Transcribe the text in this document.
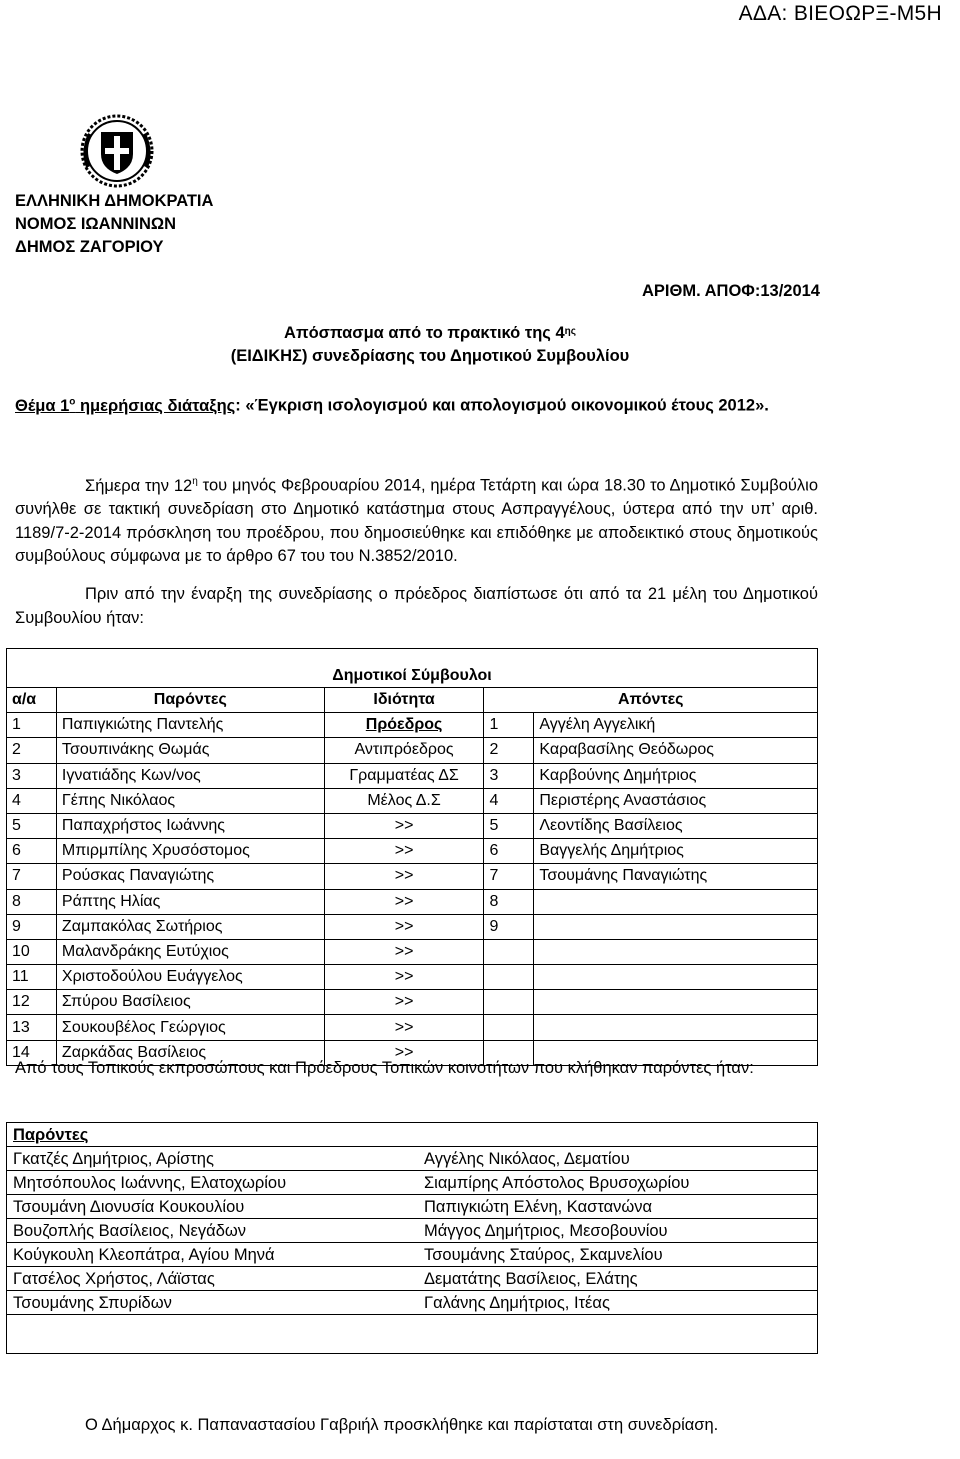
ΑΔΑ: ΒΙΕΟΩΡΞ-Μ5Η
ΕΛΛΗΝΙΚΗ ΔΗΜΟΚΡΑΤΙΑ
ΝΟΜΟΣ ΙΩΑΝΝΙΝΩΝ
ΔΗΜΟΣ ΖΑΓΟΡΙΟΥ
ΑΡΙΘΜ. ΑΠΟΦ:13/2014
Απόσπασμα από το πρακτικό της $4^{\eta\varsigma}$
(ΕΙΔΙΚΗΣ) συνεδρίασης του Δημοτικού Συμβουλίου
Θέμα $1^o$ ημερήσιας διάταξης: «Έγκριση ισολογισμού και απολογισμού οικονομικού έτους 2012».
Σήμερα την $12^\eta$ του μηνός Φεβρουαρίου 2014, ημέρα Τετάρτη και ώρα 18.30 το Δημοτικό Συμβούλιο συνήλθε σε τακτική συνεδρίαση στο Δημοτικό κατάστημα στους Ασπραγγέλους, ύστερα από την υπ’ αριθ. 1189/7-2-2014 πρόσκληση του προέδρου, που δημοσιεύθηκε και επιδόθηκε με αποδεικτικό στους δημοτικούς συμβούλους σύμφωνα με το άρθρο 67 του του Ν.3852/2010.
Πριν από την έναρξη της συνεδρίασης ο πρόεδρος διαπίστωσε ότι από τα 21 μέλη του Δημοτικού Συμβουλίου ήταν:
Δημοτικοί Σύμβουλοι				
α/α	Παρόντες	Ιδιότητα	Απόντες	
1	Παπιγκιώτης Παντελής	Πρόεδρος	1	Αγγέλη Αγγελική
2	Τσουπινάκης Θωμάς	Αντιπρόεδρος	2	Καραβασίλης Θεόδωρος
3	Ιγνατιάδης Κων/νος	Γραμματέας ΔΣ	3	Καρβούνης Δημήτριος
4	Γέπης Νικόλαος	Μέλος Δ.Σ	4	Περιστέρης Αναστάσιος
5	Παπαχρήστος Ιωάννης	>>	5	Λεοντίδης Βασίλειος
6	Μπιρμπίλης Χρυσόστομος	>>	6	Βαγγελής Δημήτριος
7	Ρούσκας Παναγιώτης	>>	7	Τσουμάνης Παναγιώτης
8	Ράπτης Ηλίας	>>	8	
9	Ζαμπακόλας Σωτήριος	>>	9	
10	Μαλανδράκης Ευτύχιος	>>		
11	Χριστοδούλου Ευάγγελος	>>		
12	Σπύρου Βασίλειος	>>		
13	Σουκουβέλος Γεώργιος	>>		
14	Ζαρκάδας Βασίλειος	>>		
Από τους Τοπικούς εκπροσώπους και Πρόεδρους Τοπικών κοινοτήτων που κλήθηκαν παρόντες ήταν:
Παρόντες	
Γκατζές Δημήτριος, Αρίστης	Αγγέλης Νικόλαος, Δεματίου
Μητσόπουλος Ιωάννης, Ελατοχωρίου	Σιαμπίρης Απόστολος Βρυσοχωρίου
Τσουμάνη Διονυσία Κουκουλίου	Παπιγκιώτη Ελένη, Καστανώνα
Βουζοπλής Βασίλειος, Νεγάδων	Μάγγος Δημήτριος, Μεσοβουνίου
Κούγκουλη Κλεοπάτρα, Αγίου Μηνά	Τσουμάνης Σταύρος, Σκαμνελίου
Γατσέλος Χρήστος, Λάϊστας	Δεματάτης Βασίλειος, Ελάτης
Τσουμάνης Σπυρίδων	Γαλάνης Δημήτριος, Ιτέας

Ο Δήμαρχος κ. Παπαναστασίου Γαβριήλ προσκλήθηκε και παρίσταται στη συνεδρίαση.
